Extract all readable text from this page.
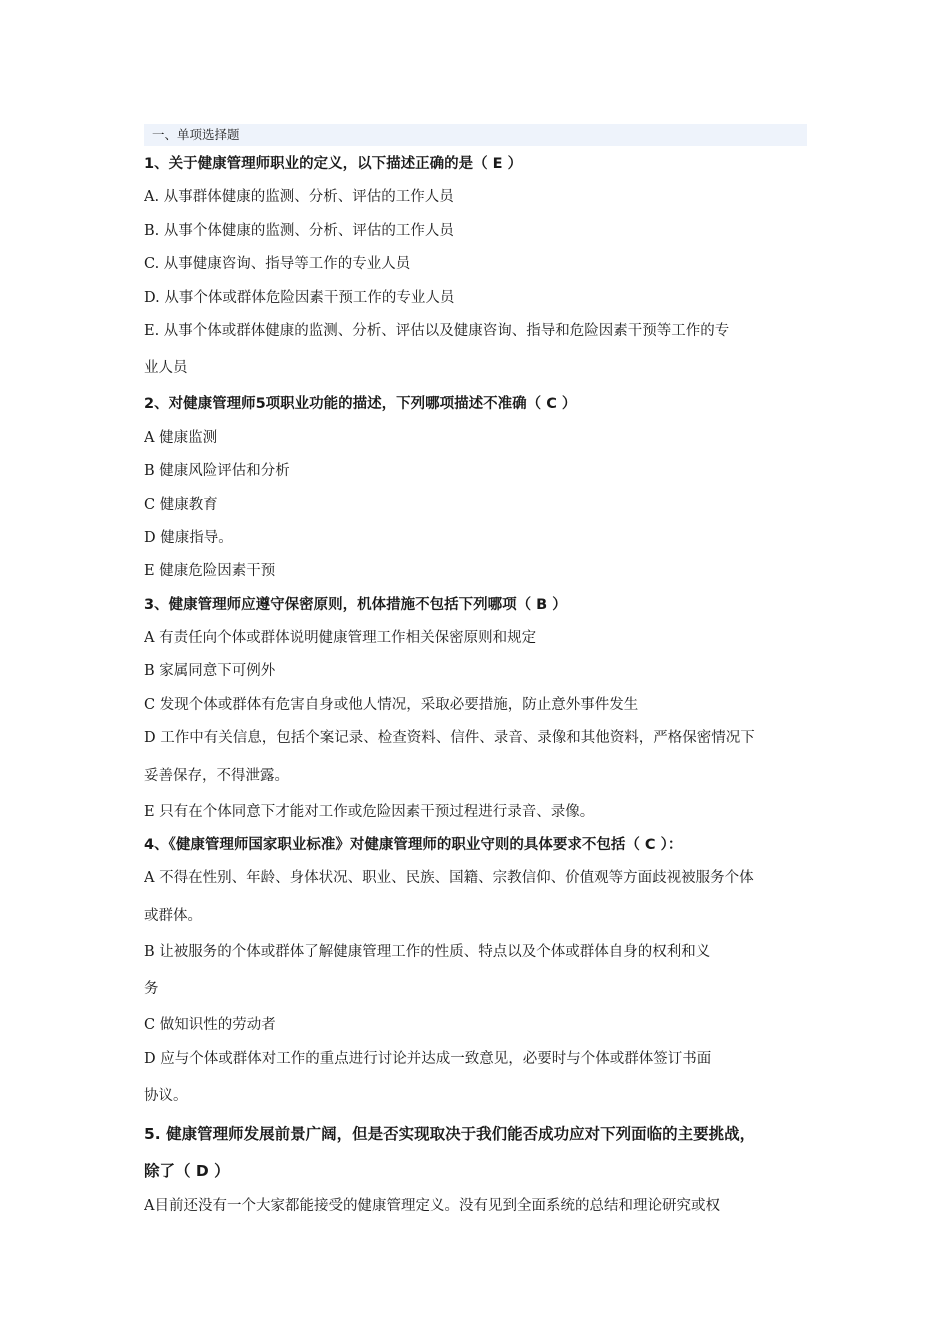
一、单项选择题
1、关于健康管理师职业的定义，以下描述正确的是（ E ）
A. 从事群体健康的监测、分析、评估的工作人员
B. 从事个体健康的监测、分析、评估的工作人员
C. 从事健康咨询、指导等工作的专业人员
D. 从事个体或群体危险因素干预工作的专业人员
E. 从事个体或群体健康的监测、分析、评估以及健康咨询、指导和危险因素干预等工作的专
业人员
2、对健康管理师5项职业功能的描述，下列哪项描述不准确（ C ）
A 健康监测
B 健康风险评估和分析
C 健康教育
D 健康指导。
E 健康危险因素干预
3、健康管理师应遵守保密原则，机体措施不包括下列哪项（ B ）
A 有责任向个体或群体说明健康管理工作相关保密原则和规定
B 家属同意下可例外
C 发现个体或群体有危害自身或他人情况，采取必要措施，防止意外事件发生
D 工作中有关信息，包括个案记录、检查资料、信件、录音、录像和其他资料，严格保密情况下
妥善保存，不得泄露。
E 只有在个体同意下才能对工作或危险因素干预过程进行录音、录像。
4、《健康管理师国家职业标准》对健康管理师的职业守则的具体要求不包括（ C ）：
A 不得在性别、年龄、身体状况、职业、民族、国籍、宗教信仰、价值观等方面歧视被服务个体
或群体。
B 让被服务的个体或群体了解健康管理工作的性质、特点以及个体或群体自身的权利和义
务
C 做知识性的劳动者
D 应与个体或群体对工作的重点进行讨论并达成一致意见，必要时与个体或群体签订书面
协议。
5. 健康管理师发展前景广阔，但是否实现取决于我们能否成功应对下列面临的主要挑战，
除了（ D ）
A目前还没有一个大家都能接受的健康管理定义。没有见到全面系统的总结和理论研究或权
